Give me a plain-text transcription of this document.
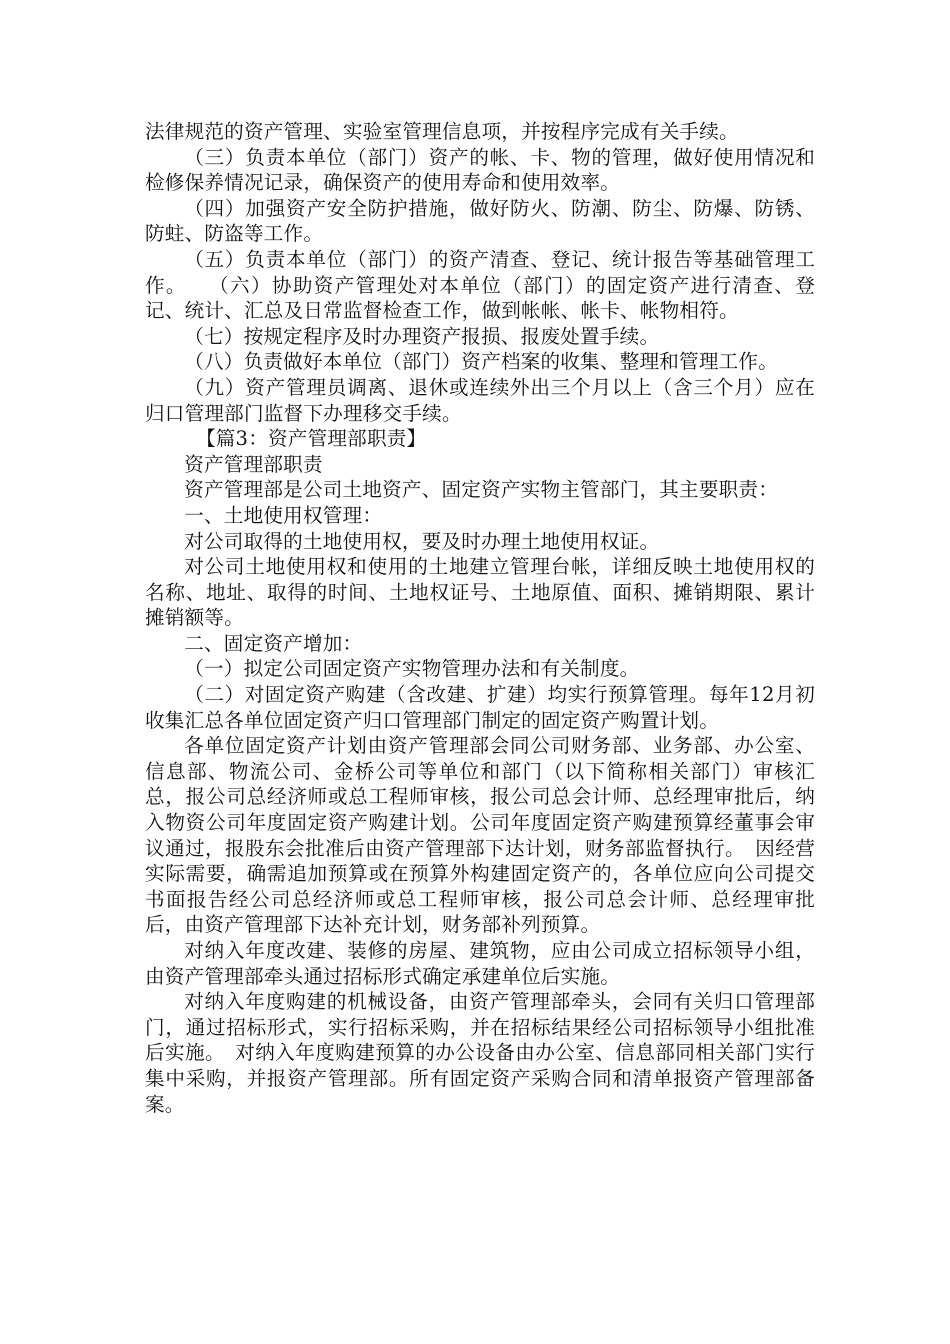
法律规范的资产管理、实验室管理信息项，并按程序完成有关手续。

（三）负责本单位（部门）资产的帐、卡、物的管理，做好使用情况和检修保养情况记录，确保资产的使用寿命和使用效率。

（四）加强资产安全防护措施，做好防火、防潮、防尘、防爆、防锈、防蛀、防盗等工作。

（五）负责本单位（部门）的资产清查、登记、统计报告等基础管理工作。　　（六）协助资产管理处对本单位（部门）的固定资产进行清查、登记、统计、汇总及日常监督检查工作，做到帐帐、帐卡、帐物相符。

（七）按规定程序及时办理资产报损、报废处置手续。

（八）负责做好本单位（部门）资产档案的收集、整理和管理工作。

（九）资产管理员调离、退休或连续外出三个月以上（含三个月）应在归口管理部门监督下办理移交手续。

【篇3：资产管理部职责】

资产管理部职责

资产管理部是公司土地资产、固定资产实物主管部门，其主要职责：

一、土地使用权管理：

对公司取得的土地使用权，要及时办理土地使用权证。

对公司土地使用权和使用的土地建立管理台帐，详细反映土地使用权的名称、地址、取得的时间、土地权证号、土地原值、面积、摊销期限、累计摊销额等。

二、固定资产增加：

（一）拟定公司固定资产实物管理办法和有关制度。

（二）对固定资产购建（含改建、扩建）均实行预算管理。每年12月初收集汇总各单位固定资产归口管理部门制定的固定资产购置计划。

各单位固定资产计划由资产管理部会同公司财务部、业务部、办公室、信息部、物流公司、金桥公司等单位和部门（以下简称相关部门）审核汇总，报公司总经济师或总工程师审核，报公司总会计师、总经理审批后，纳入物资公司年度固定资产购建计划。公司年度固定资产购建预算经董事会审议通过，报股东会批准后由资产管理部下达计划，财务部监督执行。　因经营实际需要，确需追加预算或在预算外构建固定资产的，各单位应向公司提交书面报告经公司总经济师或总工程师审核，报公司总会计师、总经理审批后，由资产管理部下达补充计划，财务部补列预算。

对纳入年度改建、装修的房屋、建筑物，应由公司成立招标领导小组，由资产管理部牵头通过招标形式确定承建单位后实施。

对纳入年度购建的机械设备，由资产管理部牵头，会同有关归口管理部门，通过招标形式，实行招标采购，并在招标结果经公司招标领导小组批准后实施。　对纳入年度购建预算的办公设备由办公室、信息部同相关部门实行集中采购，并报资产管理部。所有固定资产采购合同和清单报资产管理部备案。
